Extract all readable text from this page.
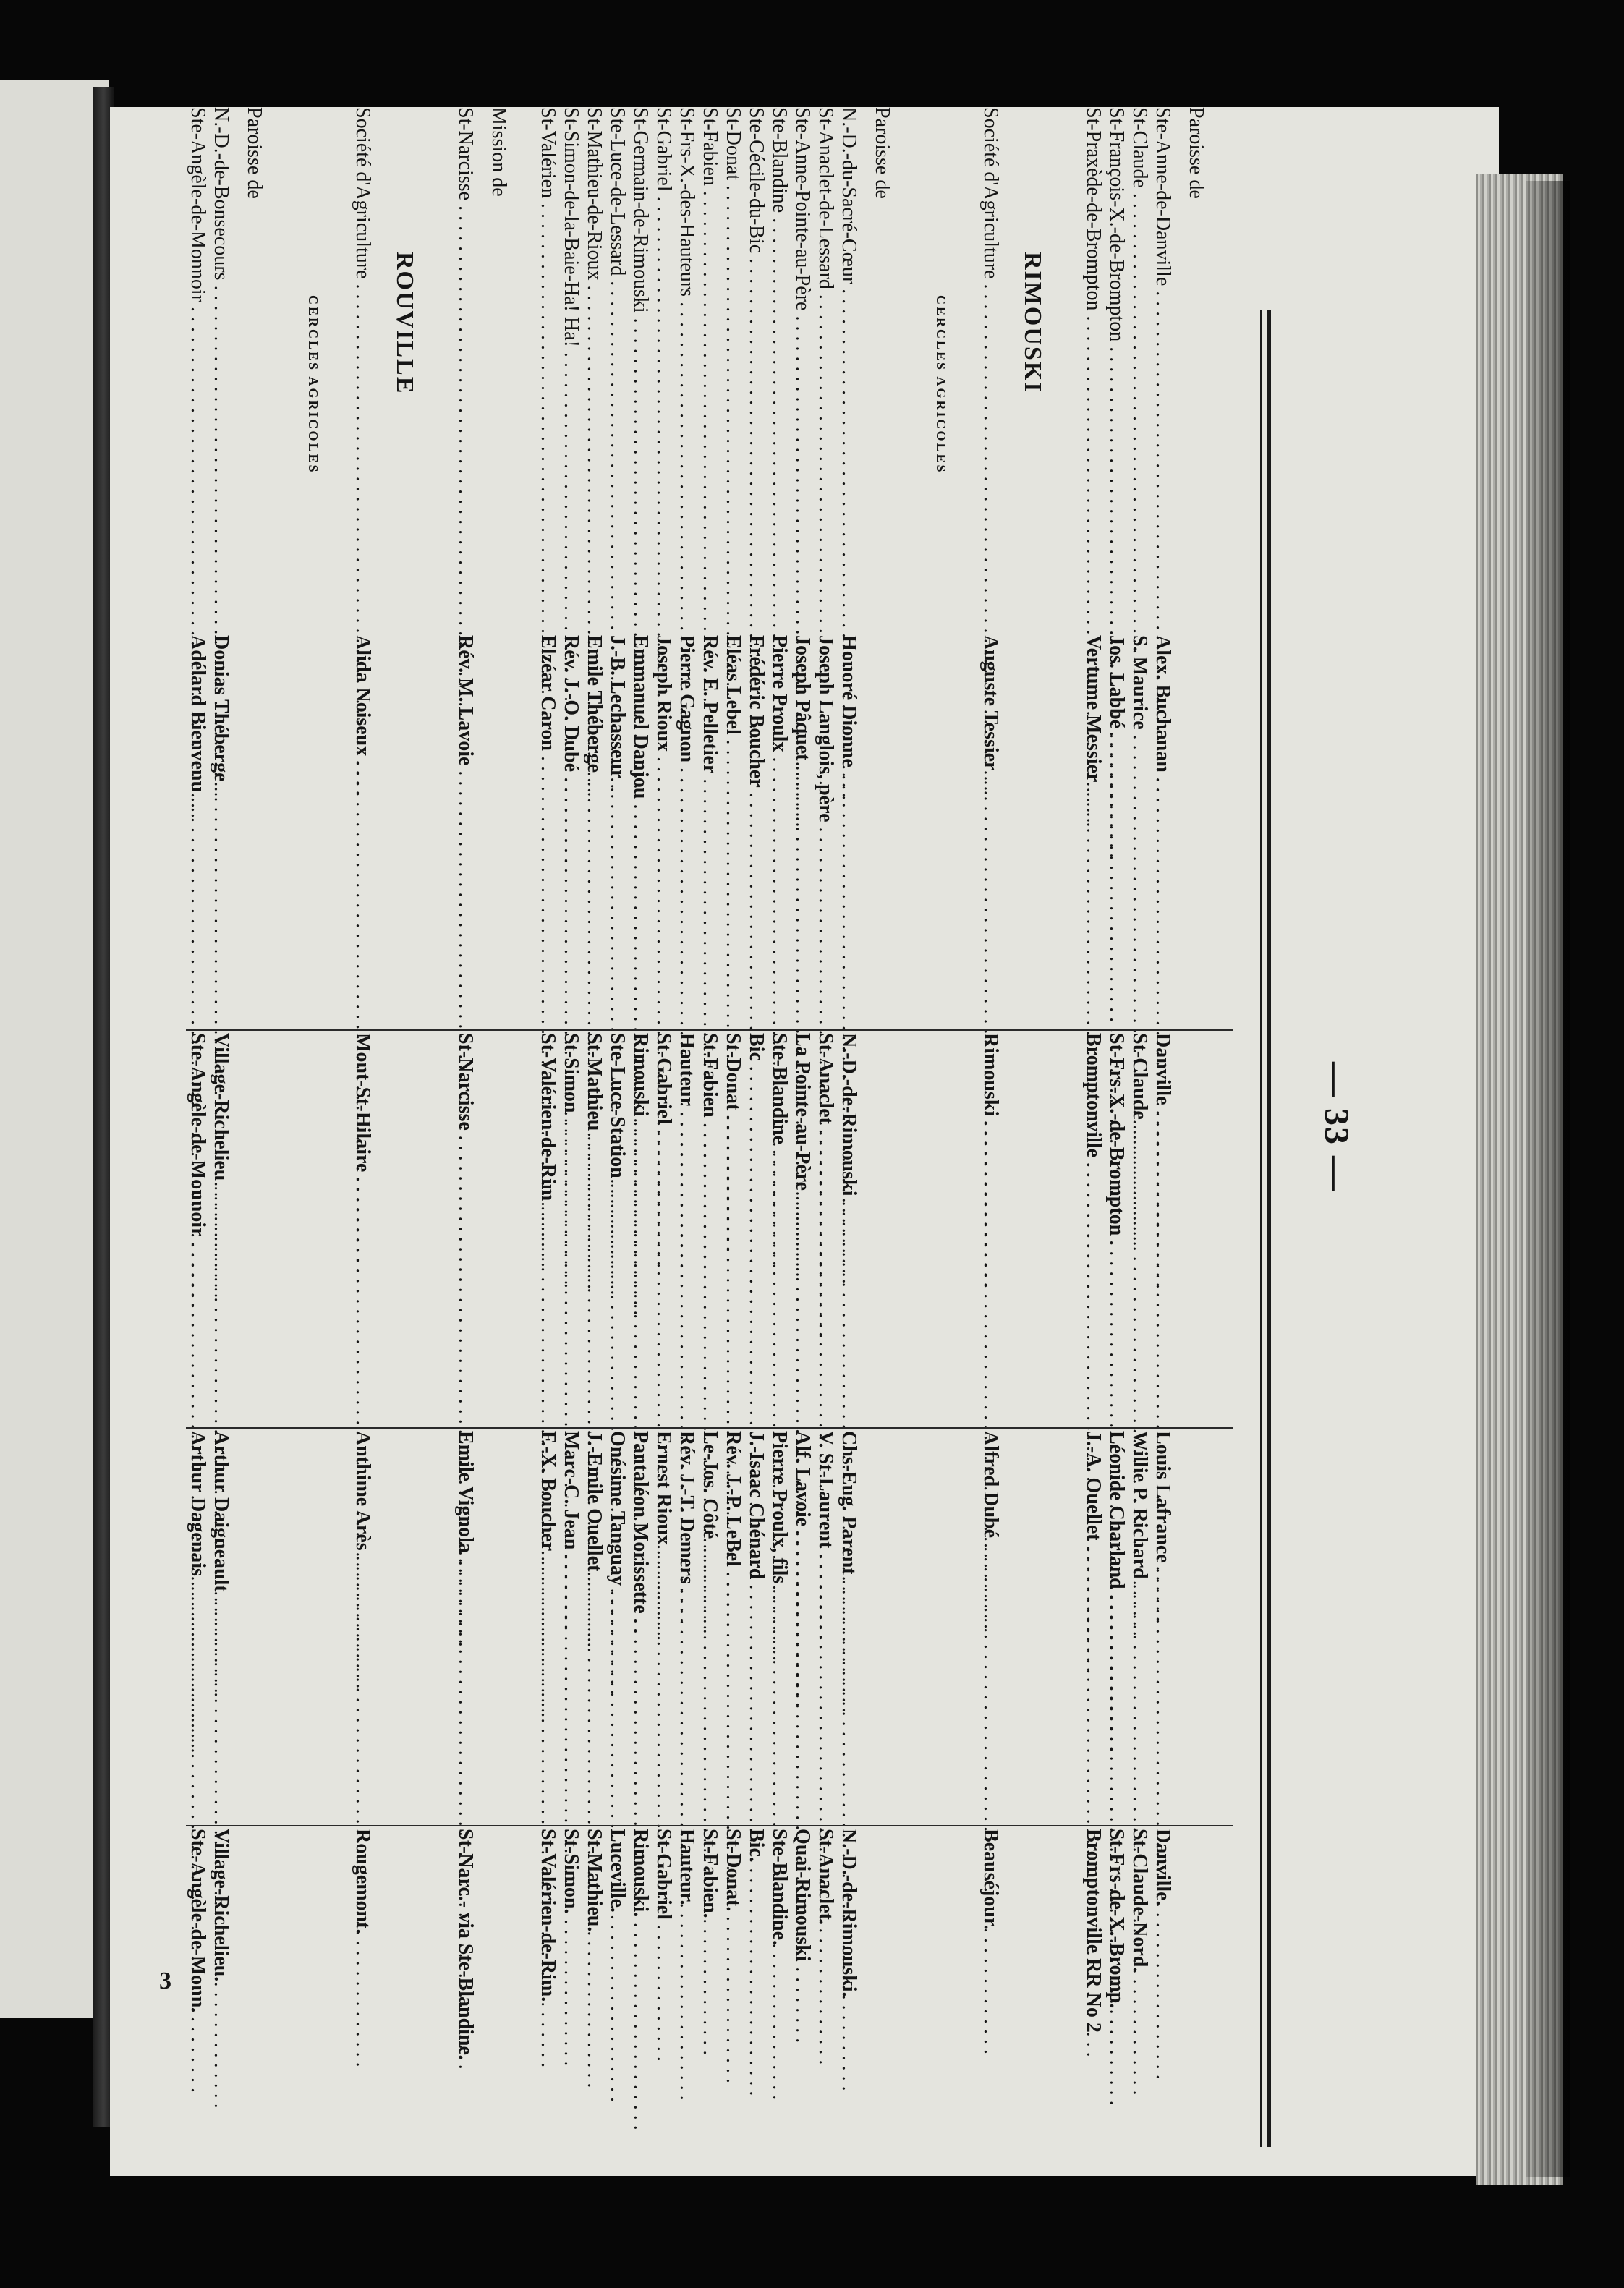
— 33 —
Paroisse de
Ste-Anne-de-Danville . . .
Alex. Buchanan . . .
Danville . . .
Louis Lafrance . . .
Danville.
St-Claude . . .
S. Maurice . . .
St-Claude . . .
Willie P. Richard . . .
St-Claude-Nord.
St-François-X.-de-Brompton . . .
Jos. Labbé . . .
St-Frs-X.-de-Brompton . . .
Léonide Charland . . .
St-Frs-de-X.-Bromp.
St-Praxède-de-Brompton . . .
Vertume Messier . . .
Bromptonville . . .
J.-A. Ouellet . . .
Bromptonville RR No 2
RIMOUSKI
Société d'Agriculture . . .
Auguste Tessier . . .
Rimouski . . .
Alfred Dubé . . .
Beauséjour.
CERCLES AGRICOLES
Paroisse de
N.-D.-du-Sacré-Cœur . . .
Honoré Dionne . . .
N.-D.-de-Rimouski . . .
Chs-Eug. Parent . . .
N.-D.-de-Rimouski.
St-Anaclet-de-Lessard . . .
Joseph Langlois, père . . .
St-Anaclet . . .
V. St-Laurent . . .
St-Anaclet.
Ste-Anne-Pointe-au-Père . . .
Joseph Pâquet . . .
La Pointe-au-Père . . .
Alf. Lavoie . . .
Quai-Rimouski
Ste-Blandine . . .
Pierre Proulx . . .
Ste-Blandine . . .
Pierre Proulx, fils . . .
Ste-Blandine.
Ste-Cécile-du-Bic . . .
Frédéric Boucher . . .
Bic . . .
J.-Isaac Chénard . . .
Bic.
St-Donat . . .
Eléas Lebel . . .
St-Donat . . .
Rév. J.-P. LeBel . . .
St-Donat.
St-Fabien . . .
Rév. E. Pelletier . . .
St-Fabien . . .
Le-Jos. Côté . . .
St-Fabien.
St-Frs-X.-des-Hauteurs . . .
Pierre Gagnon . . .
Hauteur . . .
Rév. J.-T. Demers . . .
Hauteur.
St-Gabriel . . .
Joseph Rioux . . .
St-Gabriel . . .
Ernest Rioux . . .
St-Gabriel
St-Germain-de-Rimouski . . .
Emmanuel Danjou . . .
Rimouski . . .
Pantaléon Morissette . . .
Rimouski.
Ste-Luce-de-Lessard . . .
J.-B. Lechasseur . . .
Ste-Luce-Station . . .
Onésime Tanguay . . .
Luceville.
St-Mathieu-de-Rioux . . .
Emile Théberge . . .
St-Mathieu . . .
J.-Emile Ouellet . . .
St-Mathieu.
St-Simon-de-la-Baie-Ha! Ha! . . .
Rév. J.-O. Dubé . . .
St-Simon . . .
Marc-C. Jean . . .
St-Simon.
St-Valérien . . .
Elzéar Caron . . .
St-Valérien-de-Rim . . .
F.-X. Boucher . . .
St-Valérien-de-Rim.
Mission de
St-Narcisse . . .
Rév. M. Lavoie . . .
St-Narcisse . . .
Emile Vignola . . .
St-Narc.- via Ste-Blandine.
ROUVILLE
Société d'Agriculture . . .
Alida Noiseux . . .
Mont-St-Hilaire . . .
Anthime Arès . . .
Rougemont.
CERCLES AGRICOLES
Paroisse de
N.-D.-de-Bonsecours . . .
Donias Théberge . . .
Village-Richelieu . . .
Arthur Daigneault . . .
Village-Richelieu.
Ste-Angèle-de-Monnoir . . .
Adélard Bienvenu . . .
Ste-Angèle-de-Monnoir . . .
Arthur Dagenais . . .
Ste-Angèle-de-Monn.
3
